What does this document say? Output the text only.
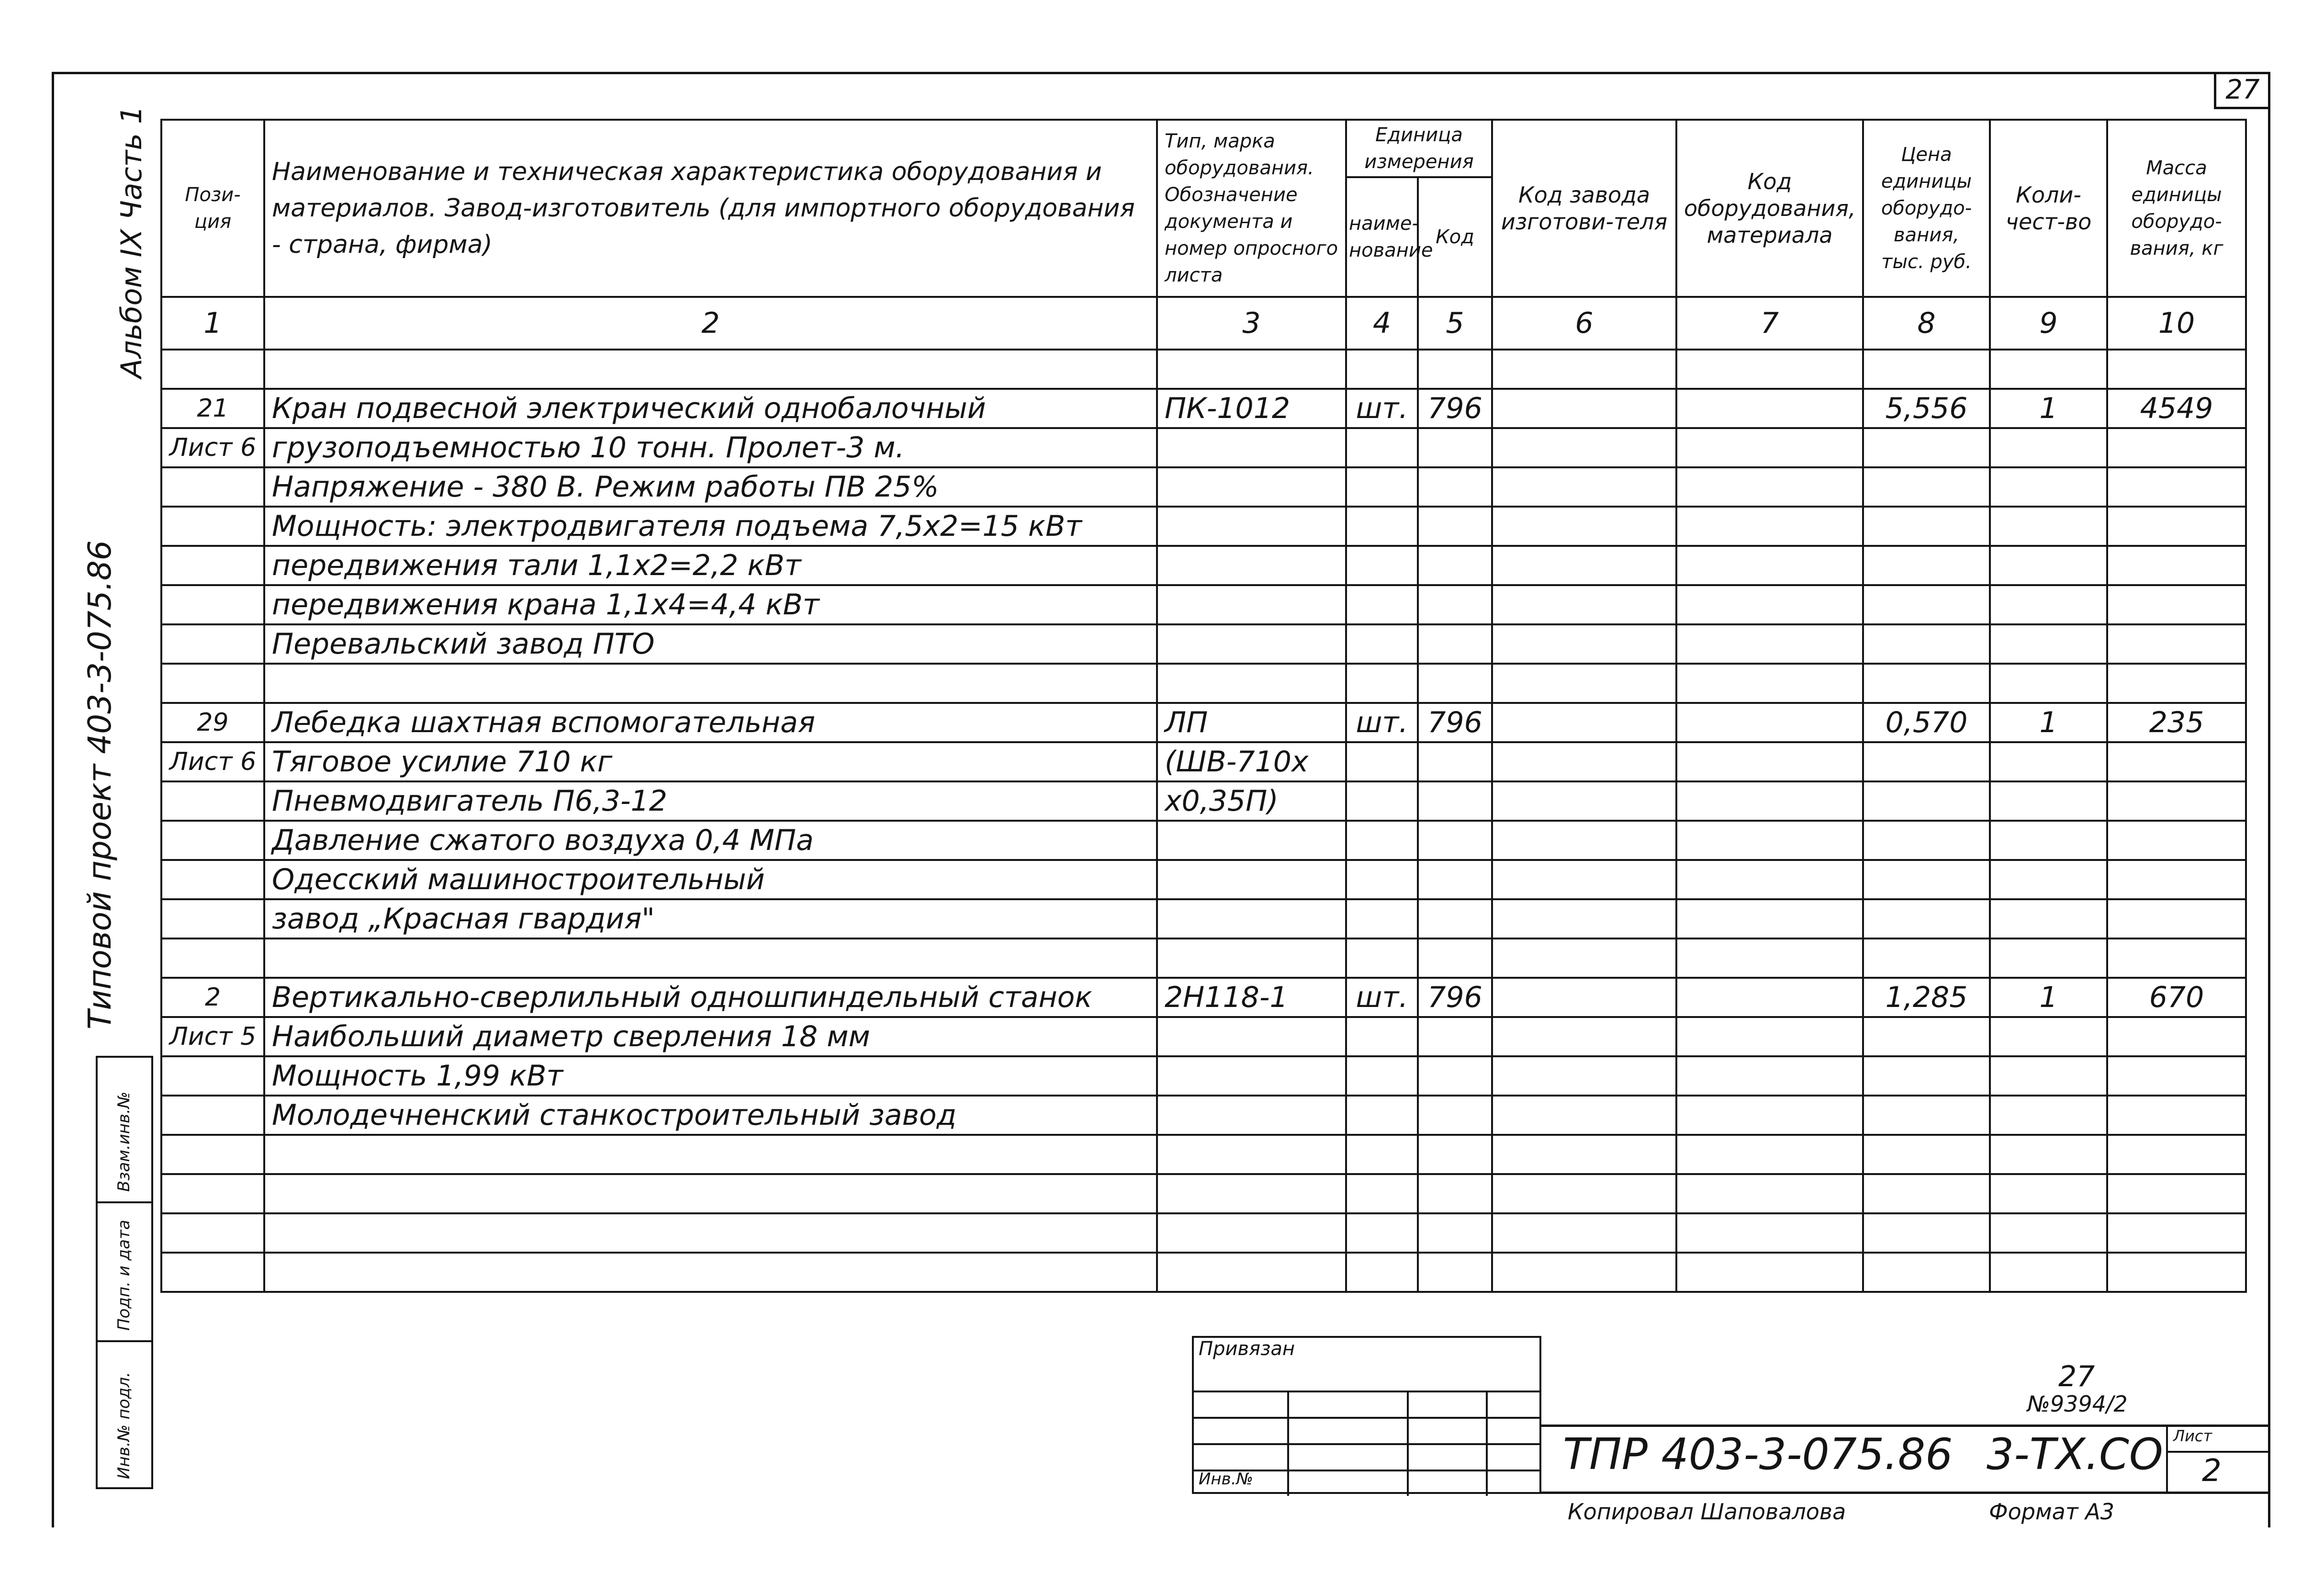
27
Типовой проект 403-3-075.86
Альбом IX Часть 1
Инв.№ подл.
Подп. и дата
Взам.инв.№
Пози-ция	Наименование и техническая характеристика оборудования и материалов. Завод-изготовитель (для импортного оборудования - страна, фирма)	Тип, марка оборудования. Обозначение документа и номер опросного листа	Единица измерения		Код завода изготови-теля	Код оборудования, материала	Цена единицы оборудо-вания, тыс. руб.	Коли-чест-во	Масса единицы оборудо-вания, кг
			наиме-нование	Код					
1	2	3	4	5	6	7	8	9	10

21	Кран подвесной электрический однобалочный	ПК-1012	шт.	796			5,556	1	4549
Лист 6	грузоподъемностью 10 тонн. Пролет-3 м.								
	Напряжение - 380 В. Режим работы ПВ 25%								
	Мощность: электродвигателя подъема 7,5х2=15 кВт								
	передвижения тали 1,1х2=2,2 кВт								
	передвижения крана 1,1х4=4,4 кВт								
	Перевальский завод ПТО								

29	Лебедка шахтная вспомогательная	ЛП	шт.	796			0,570	1	235
Лист 6	Тяговое усилие 710 кг	(ШВ-710х							
	Пневмодвигатель П6,3-12	х0,35П)							
	Давление сжатого воздуха 0,4 МПа								
	Одесский машиностроительный								
	завод „Красная гвардия"								

2	Вертикально-сверлильный одношпиндельный станок	2Н118-1	шт.	796			1,285	1	670
Лист 5	Наибольший диаметр сверления 18 мм								
	Мощность 1,99 кВт								
	Молодечненский станкостроительный завод								

Привязан
Инв.№
27
№9394/2
ТПР 403-3-075.86 3-ТХ.СО Лист
2
Копировал Шаповалова	Формат А3
